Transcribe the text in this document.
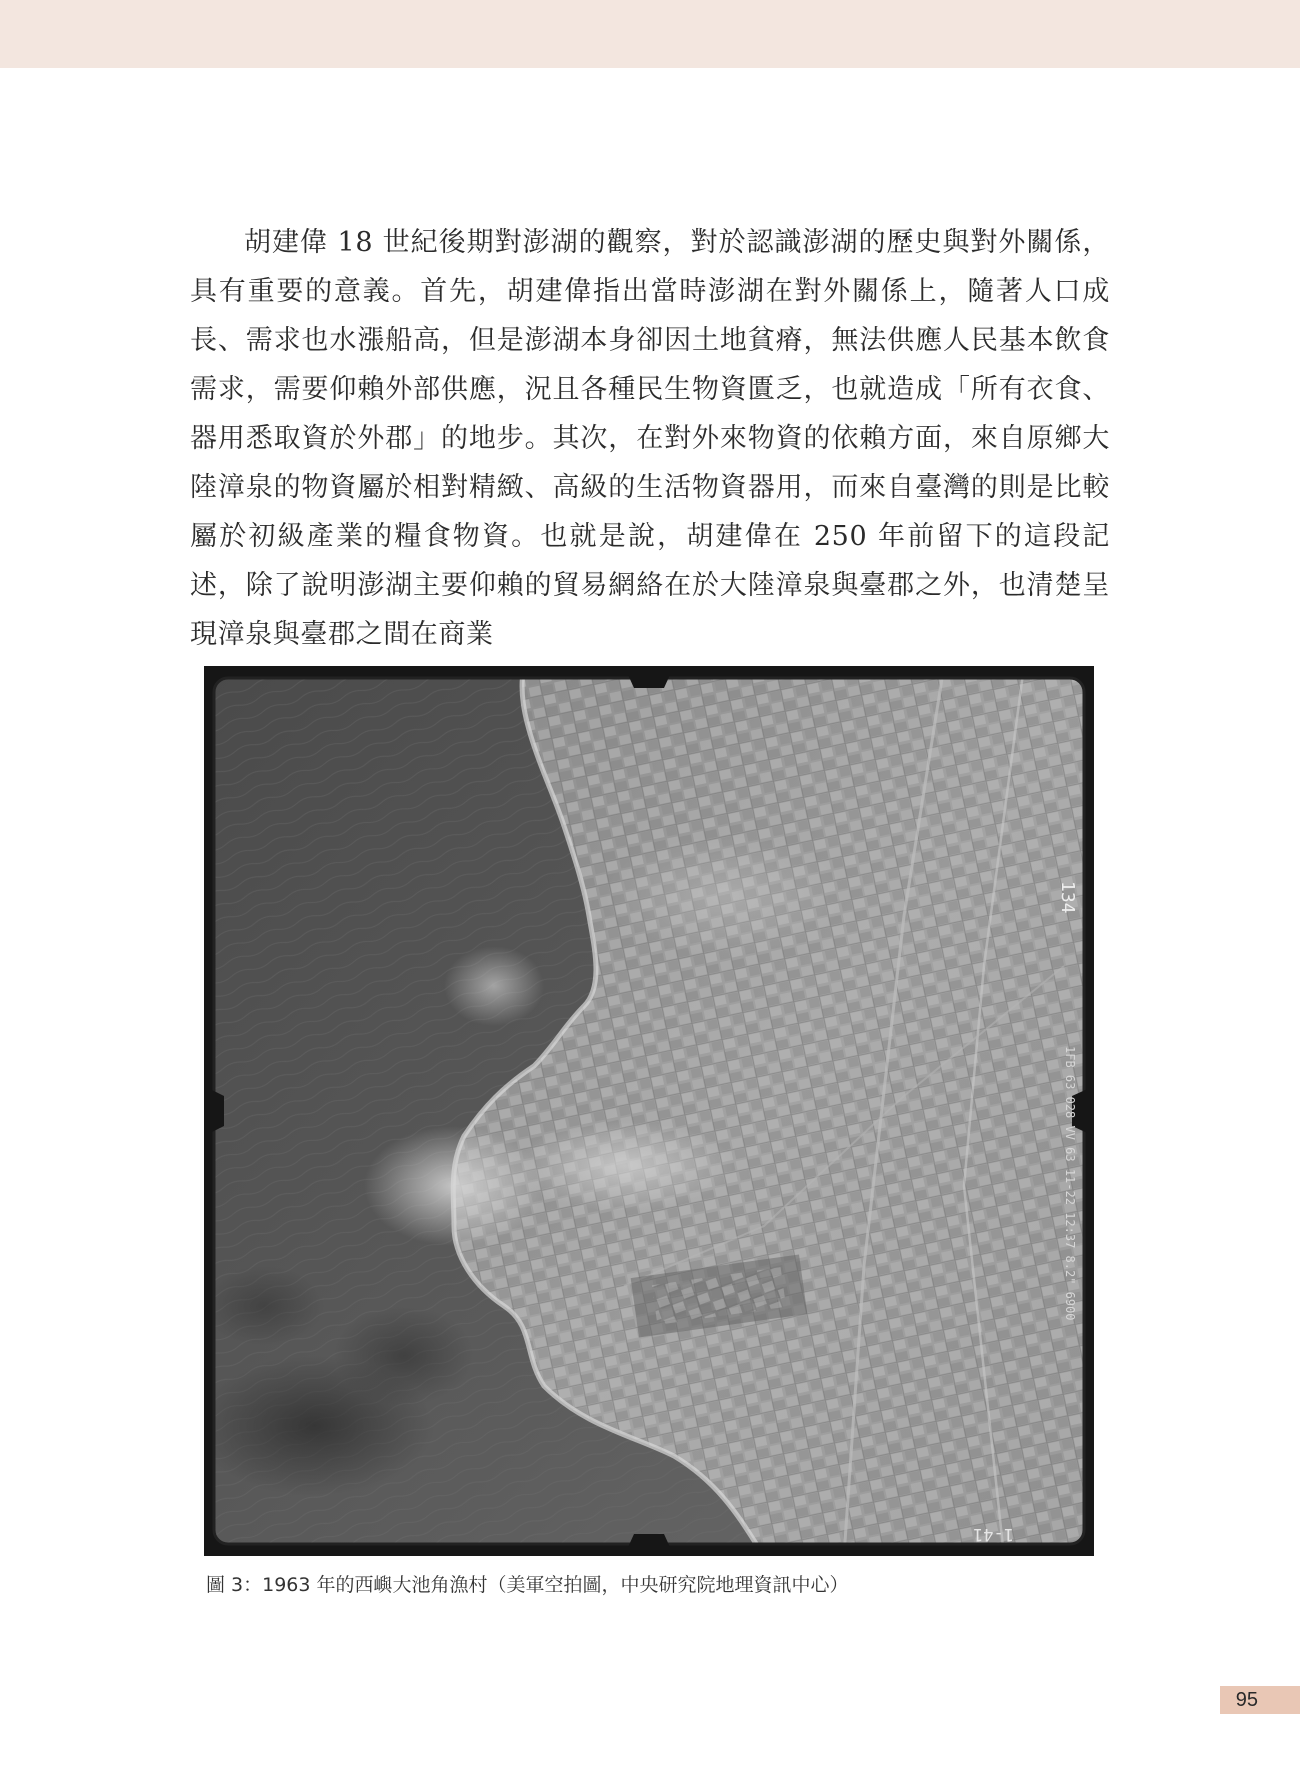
胡建偉 18 世紀後期對澎湖的觀察，對於認識澎湖的歷史與對外關係，具有重要的意義。首先，胡建偉指出當時澎湖在對外關係上，隨著人口成長、需求也水漲船高，但是澎湖本身卻因土地貧瘠，無法供應人民基本飲食需求，需要仰賴外部供應，況且各種民生物資匱乏，也就造成「所有衣食、器用悉取資於外郡」的地步。其次，在對外來物資的依賴方面，來自原鄉大陸漳泉的物資屬於相對精緻、高級的生活物資器用，而來自臺灣的則是比較屬於初級產業的糧食物資。也就是說，胡建偉在 250 年前留下的這段記述，除了說明澎湖主要仰賴的貿易網絡在於大陸漳泉與臺郡之外，也清楚呈現漳泉與臺郡之間在商業

134
1FB 63 028 VV 63 11-22 12:37 8.2" 6900
1-41
圖 3：1963 年的西嶼大池角漁村（美軍空拍圖，中央研究院地理資訊中心）
95
